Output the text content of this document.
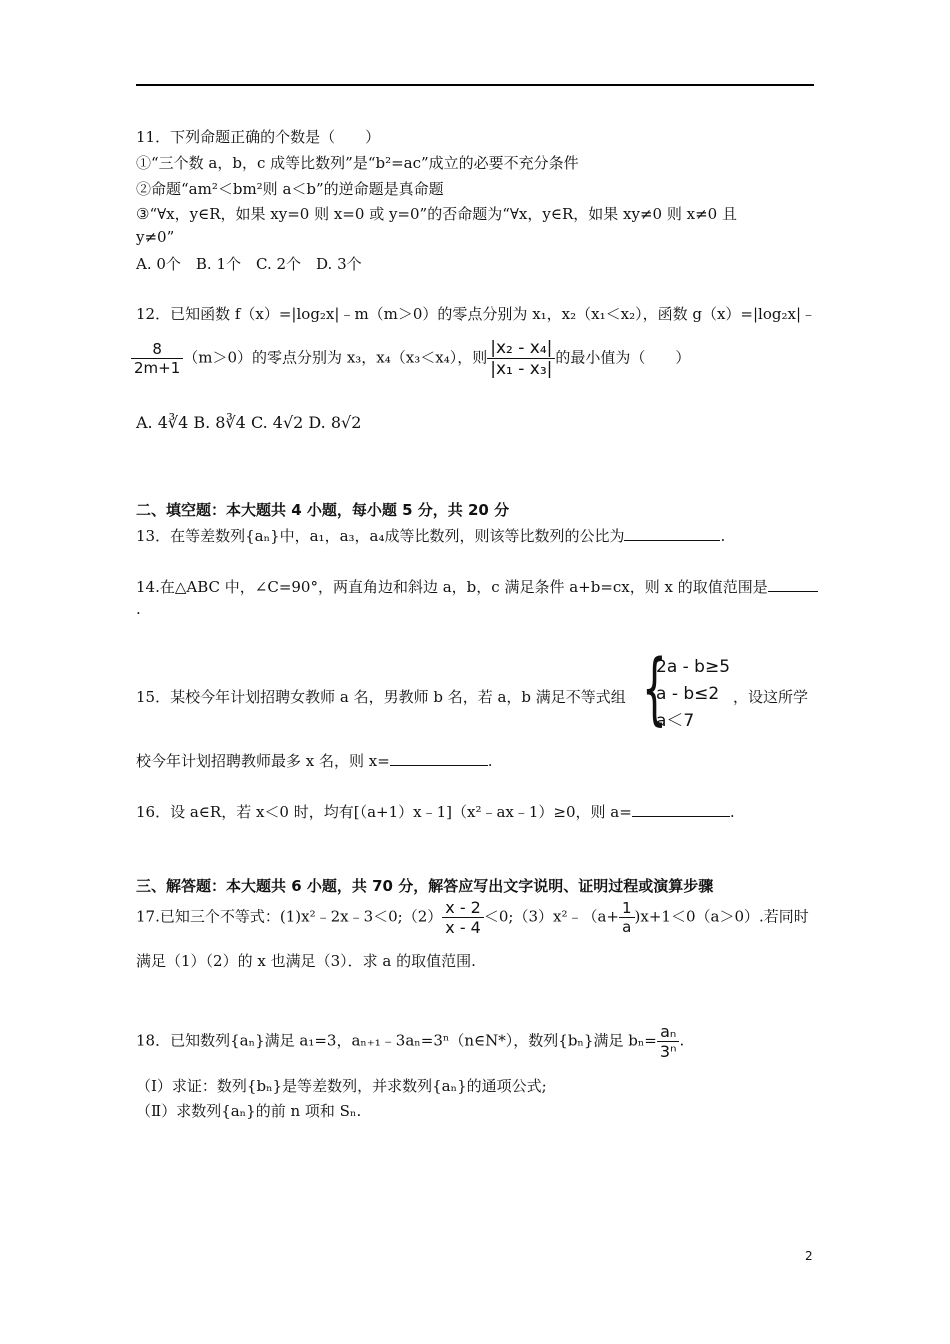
11．下列命题正确的个数是（　　）
①“三个数 a，b，c 成等比数列”是“b²=ac”成立的必要不充分条件
②命题“am²＜bm²则 a＜b”的逆命题是真命题
③“∀x，y∈R，如果 xy=0 则 x=0 或 y=0”的否命题为“∀x，y∈R，如果 xy≠0 则 x≠0 且
y≠0”
A. 0个　B. 1个　C. 2个　D. 3个
12．已知函数 f（x）=|log₂x|﹣m（m＞0）的零点分别为 x₁，x₂（x₁＜x₂），函数 g（x）=|log₂x|﹣
$\frac{8}{2m+1} (m>0)$的零点分别为 x₃，x₄（x₃＜x₄），则 $\frac{\text{|x₂ - x₄|}}{\text{|x₁ - x₃|}}$ 的最小值为（　　）
A. 4∛4 B. 8∛4 C. 4√2 D. 8√2
二、填空题：本大题共 4 小题，每小题 5 分，共 20 分
13．在等差数列{aₙ}中，a₁，a₃，a₄成等比数列，则该等比数列的公比为	.
14.在△ABC 中，∠C=90°，两直角边和斜边 a，b，c 满足条件 a+b=cx，则 x 的取值范围是
.
15．某校今年计划招聘女教师 a 名，男教师 b 名，若 a，b 满足不等式组 {
2a - b≥5
a - b≤2
a＜7
，设这所学
校今年计划招聘教师最多 x 名，则 x=	.
16．设 a∈R，若 x＜0 时，均有[（a+1）x﹣1]（x²﹣ax﹣1）≥0，则 a=	.
三、解答题：本大题共 6 小题，共 70 分，解答应写出文字说明、证明过程或演算步骤
17.已知三个不等式：(1)x²﹣2x﹣3＜0;（2） $\frac{x - 2}{x - 4}$ ＜0;（3）x²﹣（a+ $\frac{1}{a} )x+1<0(a>0)$.若同时
满足（1）（2）的 x 也满足（3）．求 a 的取值范围.
18．已知数列{aₙ}满足 a₁=3，aₙ₊₁﹣3aₙ=3ⁿ（n∈N*），数列{bₙ}满足 $b_n= \frac{\text{aₙ}}{\text{3ⁿ}}$ .
（Ⅰ）求证：数列{bₙ}是等差数列，并求数列{aₙ}的通项公式;
（Ⅱ）求数列{aₙ}的前 n 项和 Sₙ.
2
